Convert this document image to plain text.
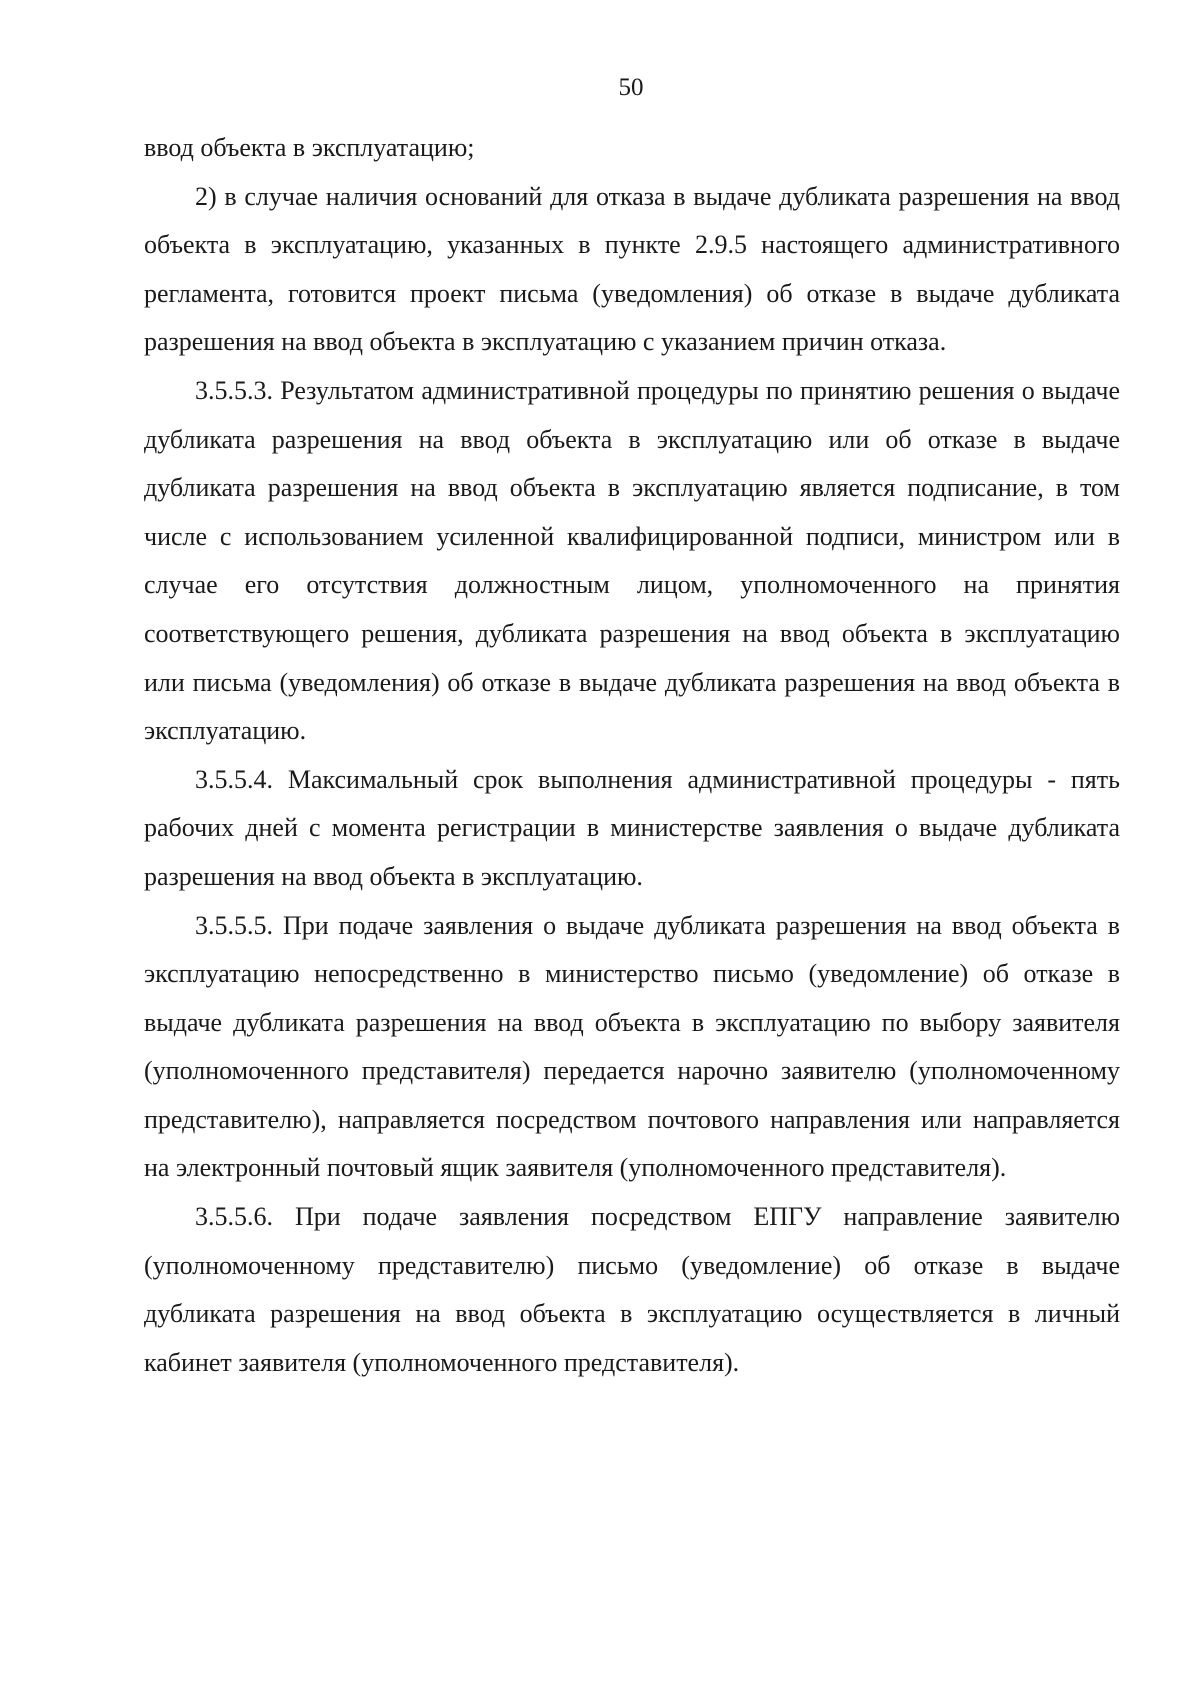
50

ввод объекта в эксплуатацию;

2) в случае наличия оснований для отказа в выдаче дубликата разрешения на ввод объекта в эксплуатацию, указанных в пункте 2.9.5 настоящего административного регламента, готовится проект письма (уведомления) об отказе в выдаче дубликата разрешения на ввод объекта в эксплуатацию с указанием причин отказа.

3.5.5.3. Результатом административной процедуры по принятию решения о выдаче дубликата разрешения на ввод объекта в эксплуатацию или об отказе в выдаче дубликата разрешения на ввод объекта в эксплуатацию является подписание, в том числе с использованием усиленной квалифицированной подписи, министром или в случае его отсутствия должностным лицом, уполномоченного на принятия соответствующего решения, дубликата разрешения на ввод объекта в эксплуатацию или письма (уведомления) об отказе в выдаче дубликата разрешения на ввод объекта в эксплуатацию.

3.5.5.4. Максимальный срок выполнения административной процедуры - пять рабочих дней с момента регистрации в министерстве заявления о выдаче дубликата разрешения на ввод объекта в эксплуатацию.

3.5.5.5. При подаче заявления о выдаче дубликата разрешения на ввод объекта в эксплуатацию непосредственно в министерство письмо (уведомление) об отказе в выдаче дубликата разрешения на ввод объекта в эксплуатацию по выбору заявителя (уполномоченного представителя) передается нарочно заявителю (уполномоченному представителю), направляется посредством почтового направления или направляется на электронный почтовый ящик заявителя (уполномоченного представителя).

3.5.5.6. При подаче заявления посредством ЕПГУ направление заявителю (уполномоченному представителю) письмо (уведомление) об отказе в выдаче дубликата разрешения на ввод объекта в эксплуатацию осуществляется в личный кабинет заявителя (уполномоченного представителя).
